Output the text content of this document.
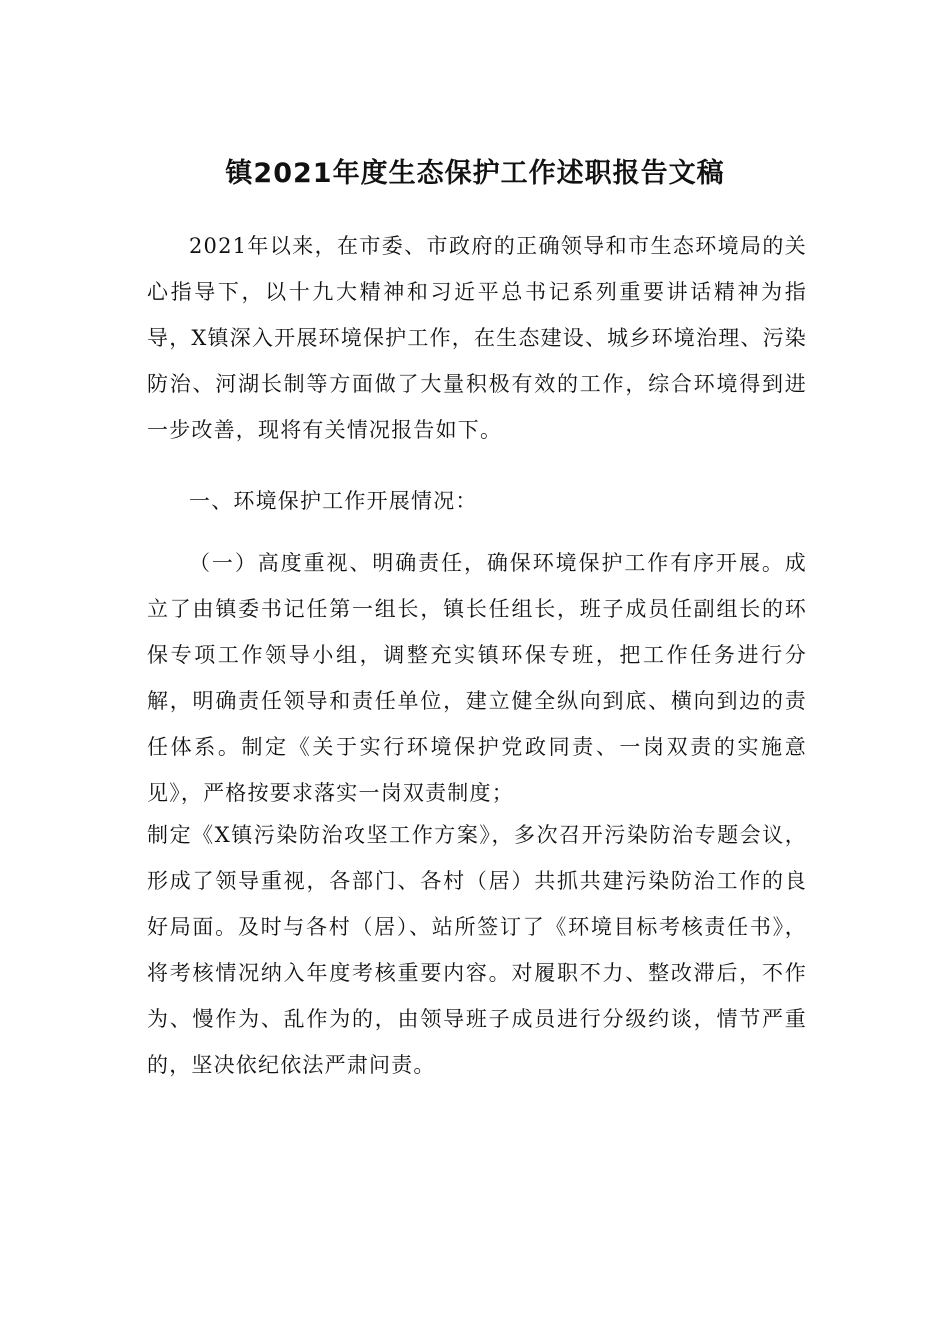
镇2021年度生态保护工作述职报告文稿
2021年以来，在市委、市政府的正确领导和市生态环境局的关心指导下，以十九大精神和习近平总书记系列重要讲话精神为指导，X镇深入开展环境保护工作，在生态建设、城乡环境治理、污染防治、河湖长制等方面做了大量积极有效的工作，综合环境得到进一步改善，现将有关情况报告如下。
一、环境保护工作开展情况：
（一）高度重视、明确责任，确保环境保护工作有序开展。成立了由镇委书记任第一组长，镇长任组长，班子成员任副组长的环保专项工作领导小组，调整充实镇环保专班，把工作任务进行分解，明确责任领导和责任单位，建立健全纵向到底、横向到边的责任体系。制定《关于实行环境保护党政同责、一岗双责的实施意见》，严格按要求落实一岗双责制度；
制定《X镇污染防治攻坚工作方案》，多次召开污染防治专题会议，形成了领导重视，各部门、各村（居）共抓共建污染防治工作的良好局面。及时与各村（居）、站所签订了《环境目标考核责任书》，将考核情况纳入年度考核重要内容。对履职不力、整改滞后，不作为、慢作为、乱作为的，由领导班子成员进行分级约谈，情节严重的，坚决依纪依法严肃问责。
